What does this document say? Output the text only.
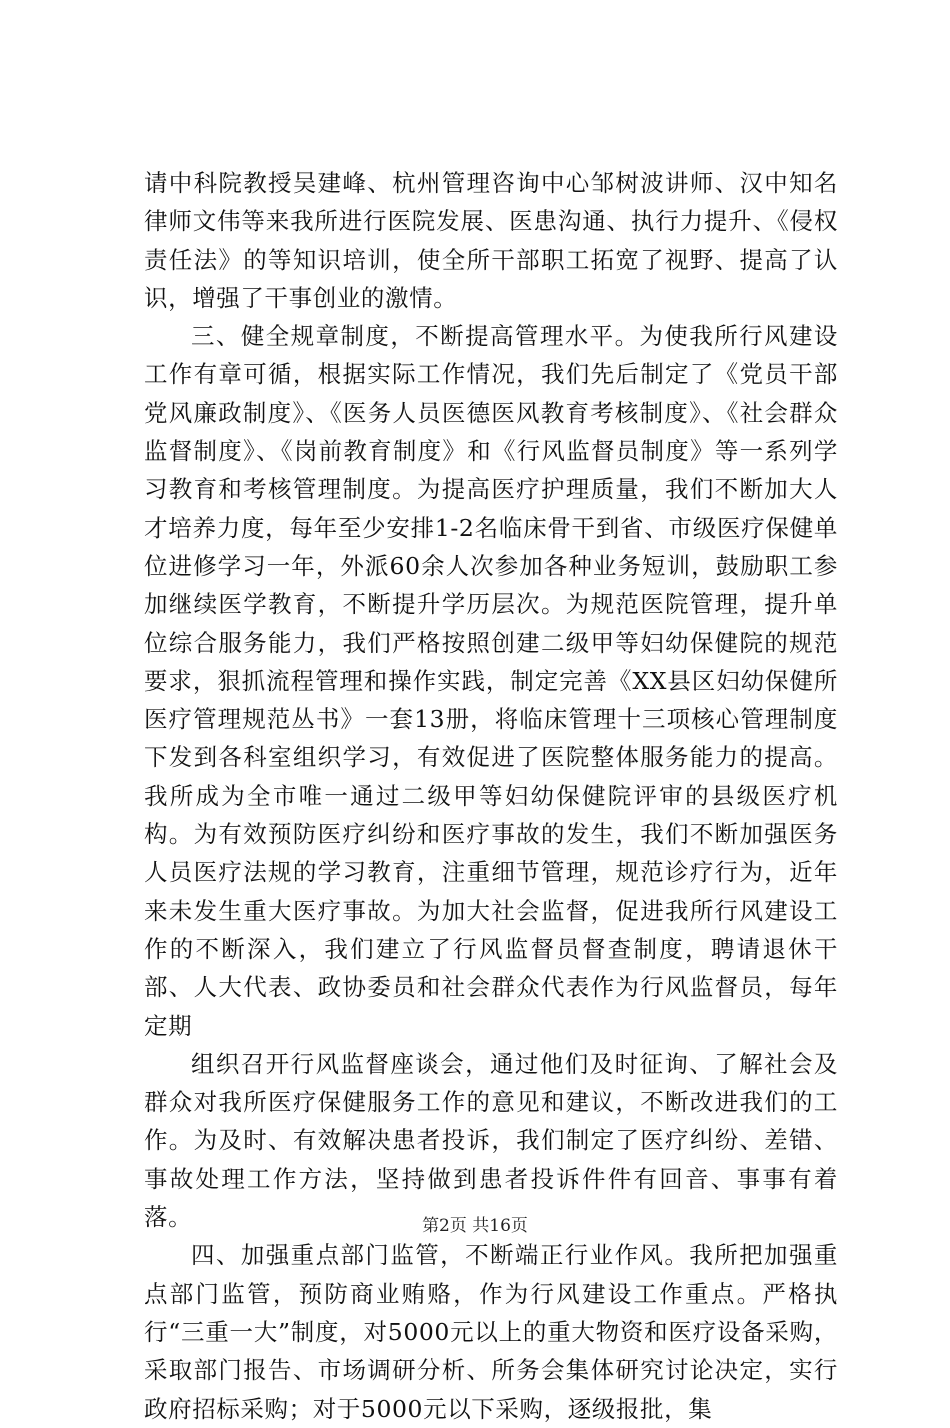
请中科院教授吴建峰、杭州管理咨询中心邹树波讲师、汉中知名律师文伟等来我所进行医院发展、医患沟通、执行力提升、《侵权责任法》的等知识培训，使全所干部职工拓宽了视野、提高了认识，增强了干事创业的激情。

三、健全规章制度，不断提高管理水平。为使我所行风建设工作有章可循，根据实际工作情况，我们先后制定了《党员干部党风廉政制度》、《医务人员医德医风教育考核制度》、《社会群众监督制度》、《岗前教育制度》和《行风监督员制度》等一系列学习教育和考核管理制度。为提高医疗护理质量，我们不断加大人才培养力度，每年至少安排1-2名临床骨干到省、市级医疗保健单位进修学习一年，外派60余人次参加各种业务短训，鼓励职工参加继续医学教育，不断提升学历层次。为规范医院管理，提升单位综合服务能力，我们严格按照创建二级甲等妇幼保健院的规范要求，狠抓流程管理和操作实践，制定完善《XX县区妇幼保健所医疗管理规范丛书》一套13册，将临床管理十三项核心管理制度下发到各科室组织学习，有效促进了医院整体服务能力的提高。我所成为全市唯一通过二级甲等妇幼保健院评审的县级医疗机构。为有效预防医疗纠纷和医疗事故的发生，我们不断加强医务人员医疗法规的学习教育，注重细节管理，规范诊疗行为，近年来未发生重大医疗事故。为加大社会监督，促进我所行风建设工作的不断深入，我们建立了行风监督员督查制度，聘请退休干部、人大代表、政协委员和社会群众代表作为行风监督员，每年定期

组织召开行风监督座谈会，通过他们及时征询、了解社会及群众对我所医疗保健服务工作的意见和建议，不断改进我们的工作。为及时、有效解决患者投诉，我们制定了医疗纠纷、差错、事故处理工作方法，坚持做到患者投诉件件有回音、事事有着落。

四、加强重点部门监管，不断端正行业作风。我所把加强重点部门监管，预防商业贿赂，作为行风建设工作重点。严格执行“三重一大”制度，对5000元以上的重大物资和医疗设备采购，采取部门报告、市场调研分析、所务会集体研究讨论决定，实行政府招标采购；对于5000元以下采购，逐级报批，集

第2页 共16页
